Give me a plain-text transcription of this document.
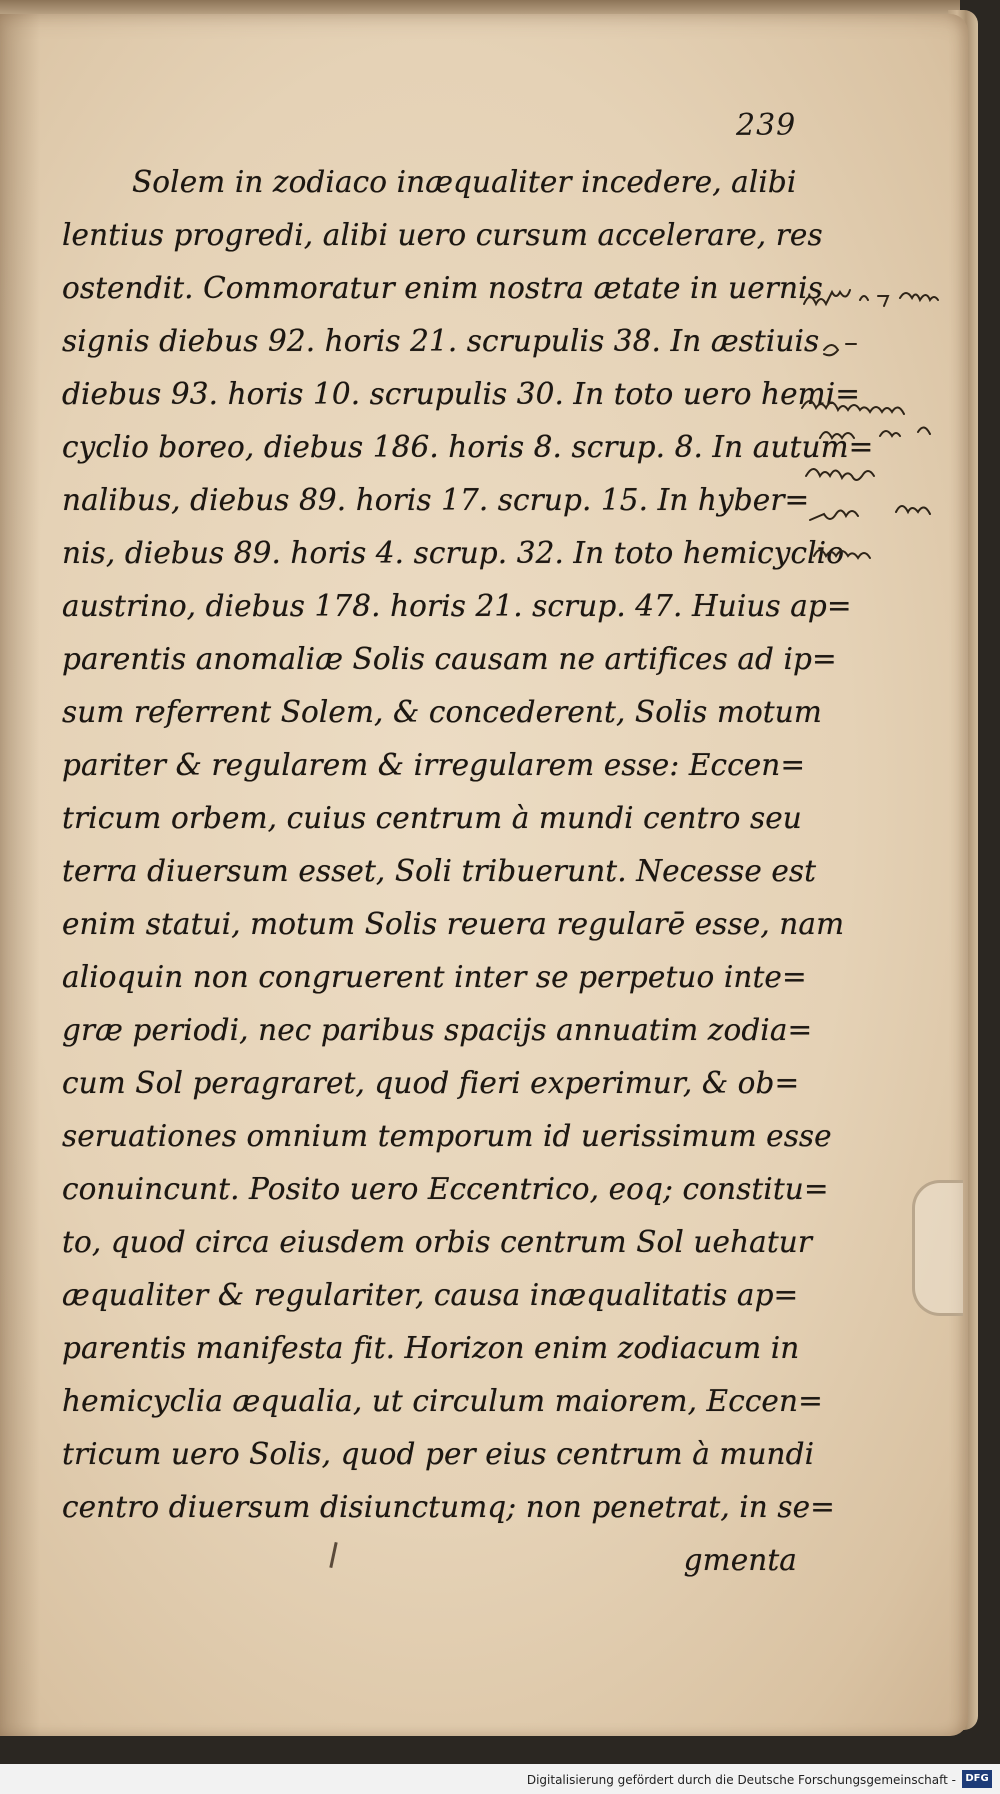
239
Solem in zodiaco inæqualiter incedere, alibi
lentius progredi, alibi uero cursum accelerare, res
ostendit. Commoratur enim nostra ætate in uernis
signis diebus 92. horis 21. scrupulis 38. In æstiuis
diebus 93. horis 10. scrupulis 30. In toto uero hemi=
cyclio boreo, diebus 186. horis 8. scrup. 8. In autum=
nalibus, diebus 89. horis 17. scrup. 15. In hyber=
nis, diebus 89. horis 4. scrup. 32. In toto hemicyclio
austrino, diebus 178. horis 21. scrup. 47. Huius ap=
parentis anomaliæ Solis causam ne artifices ad ip=
sum referrent Solem, & concederent, Solis motum
pariter & regularem & irregularem esse: Eccen=
tricum orbem, cuius centrum à mundi centro seu
terra diuersum esset, Soli tribuerunt. Necesse est
enim statui, motum Solis reuera regularē esse, nam
alioquin non congruerent inter se perpetuo inte=
græ periodi, nec paribus spacijs annuatim zodia=
cum Sol peragraret, quod fieri experimur, & ob=
seruationes omnium temporum id uerissimum esse
conuincunt. Posito uero Eccentrico, eoq; constitu=
to, quod circa eiusdem orbis centrum Sol uehatur
æqualiter & regulariter, causa inæqualitatis ap=
parentis manifesta fit. Horizon enim zodiacum in
hemicyclia æqualia, ut circulum maiorem, Eccen=
tricum uero Solis, quod per eius centrum à mundi
centro diuersum disiunctumq; non penetrat, in se=
gmenta
Digitalisierung gefördert durch die Deutsche Forschungsgemeinschaft - DFG
